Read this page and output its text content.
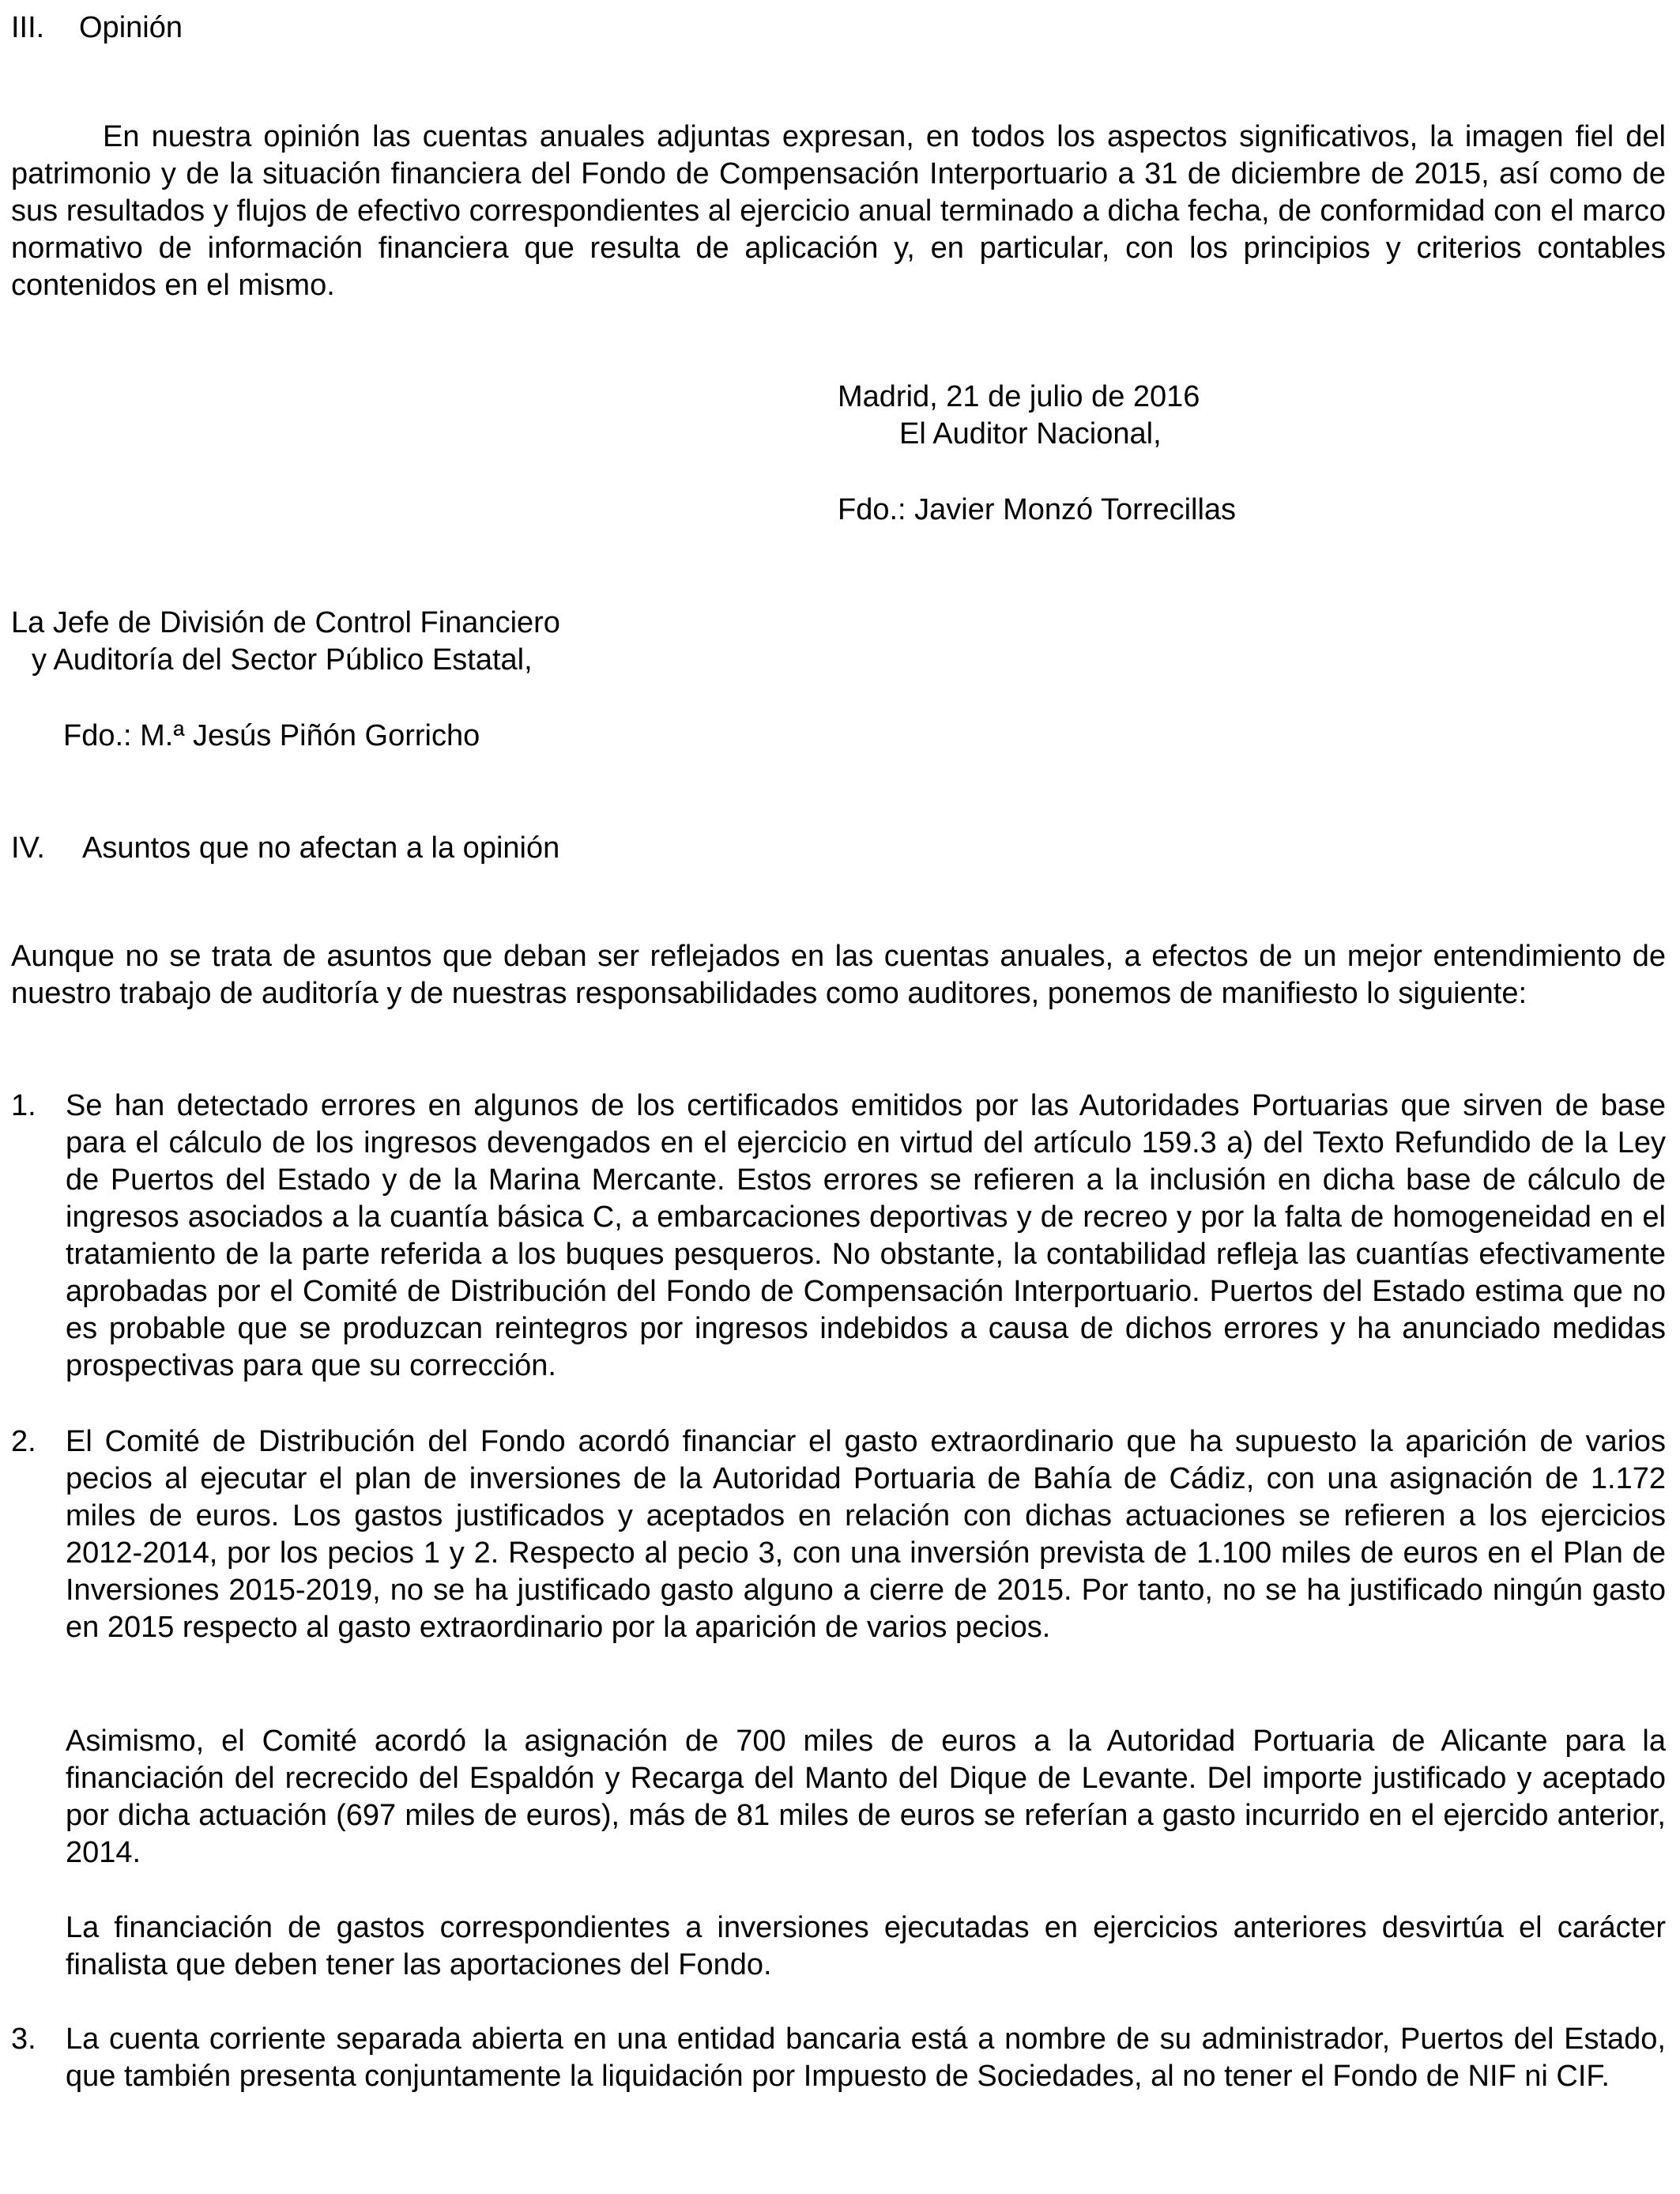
III. Opinión

En nuestra opinión las cuentas anuales adjuntas expresan, en todos los aspectos significativos, la imagen fiel del patrimonio y de la situación financiera del Fondo de Compensación Interportuario a 31 de diciembre de 2015, así como de sus resultados y flujos de efectivo correspondientes al ejercicio anual terminado a dicha fecha, de conformidad con el marco normativo de información financiera que resulta de aplicación y, en particular, con los principios y criterios contables contenidos en el mismo.

Madrid, 21 de julio de 2016
El Auditor Nacional,
Fdo.: Javier Monzó Torrecillas
La Jefe de División de Control Financiero
y Auditoría del Sector Público Estatal,
Fdo.: M.ª Jesús Piñón Gorricho
IV. Asuntos que no afectan a la opinión

Aunque no se trata de asuntos que deban ser reflejados en las cuentas anuales, a efectos de un mejor entendimiento de nuestro trabajo de auditoría y de nuestras responsabilidades como auditores, ponemos de manifiesto lo siguiente:

1. Se han detectado errores en algunos de los certificados emitidos por las Autoridades Portuarias que sirven de base para el cálculo de los ingresos devengados en el ejercicio en virtud del artículo 159.3 a) del Texto Refundido de la Ley de Puertos del Estado y de la Marina Mercante. Estos errores se refieren a la inclusión en dicha base de cálculo de ingresos asociados a la cuantía básica C, a embarcaciones deportivas y de recreo y por la falta de homogeneidad en el tratamiento de la parte referida a los buques pesqueros. No obstante, la contabilidad refleja las cuantías efectivamente aprobadas por el Comité de Distribución del Fondo de Compensación Interportuario. Puertos del Estado estima que no es probable que se produzcan reintegros por ingresos indebidos a causa de dichos errores y ha anunciado medidas prospectivas para que su corrección.

2. El Comité de Distribución del Fondo acordó financiar el gasto extraordinario que ha supuesto la aparición de varios pecios al ejecutar el plan de inversiones de la Autoridad Portuaria de Bahía de Cádiz, con una asignación de 1.172 miles de euros. Los gastos justificados y aceptados en relación con dichas actuaciones se refieren a los ejercicios 2012-2014, por los pecios 1 y 2. Respecto al pecio 3, con una inversión prevista de 1.100 miles de euros en el Plan de Inversiones 2015-2019, no se ha justificado gasto alguno a cierre de 2015. Por tanto, no se ha justificado ningún gasto en 2015 respecto al gasto extraordinario por la aparición de varios pecios.

Asimismo, el Comité acordó la asignación de 700 miles de euros a la Autoridad Portuaria de Alicante para la financiación del recrecido del Espaldón y Recarga del Manto del Dique de Levante. Del importe justificado y aceptado por dicha actuación (697 miles de euros), más de 81 miles de euros se referían a gasto incurrido en el ejercido anterior, 2014.

La financiación de gastos correspondientes a inversiones ejecutadas en ejercicios anteriores desvirtúa el carácter finalista que deben tener las aportaciones del Fondo.

3. La cuenta corriente separada abierta en una entidad bancaria está a nombre de su administrador, Puertos del Estado, que también presenta conjuntamente la liquidación por Impuesto de Sociedades, al no tener el Fondo de NIF ni CIF.
